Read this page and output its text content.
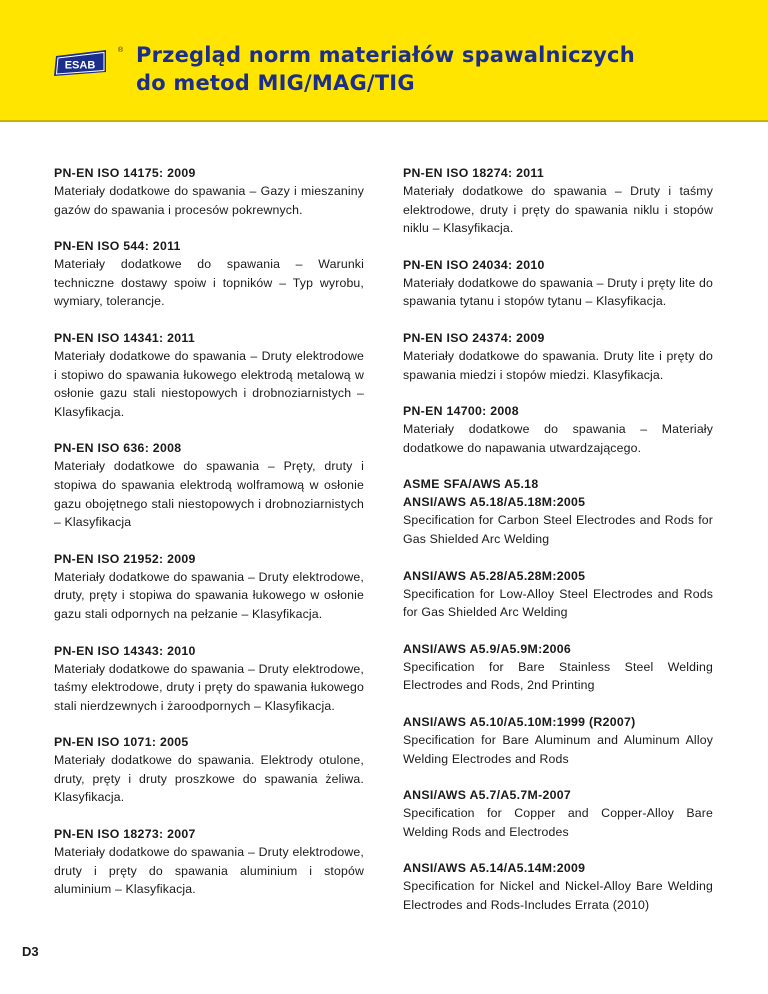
ESAB
® Przegląd norm materiałów spawalniczych
do metod MIG/MAG/TIG
PN-EN ISO 14175: 2009
Materiały dodatkowe do spawania – Gazy i mieszaniny gazów do spawania i procesów pokrewnych.
PN-EN ISO 544: 2011
Materiały dodatkowe do spawania – Warunki techniczne dostawy spoiw i topników – Typ wyrobu, wymiary, tolerancje.
PN-EN ISO 14341: 2011
Materiały dodatkowe do spawania – Druty elektrodowe i stopiwo do spawania łukowego elektrodą metalową w osłonie gazu stali niestopowych i drobnoziarnistych – Klasyfikacja.
PN-EN ISO 636: 2008
Materiały dodatkowe do spawania – Pręty, druty i stopiwa do spawania elektrodą wolframową w osłonie gazu obojętnego stali niestopowych i drobnoziarnistych – Klasyfikacja
PN-EN ISO 21952: 2009
Materiały dodatkowe do spawania – Druty elektrodowe, druty, pręty i stopiwa do spawania łukowego w osłonie gazu stali odpornych na pełzanie – Klasyfikacja.
PN-EN ISO 14343: 2010
Materiały dodatkowe do spawania – Druty elektrodowe, taśmy elektrodowe, druty i pręty do spawania łukowego stali nierdzewnych i żaroodpornych – Klasyfikacja.
PN-EN ISO 1071: 2005
Materiały dodatkowe do spawania. Elektrody otulone, druty, pręty i druty proszkowe do spawania żeliwa. Klasyfikacja.
PN-EN ISO 18273: 2007
Materiały dodatkowe do spawania – Druty elektrodowe, druty i pręty do spawania aluminium i stopów aluminium – Klasyfikacja.
PN-EN ISO 18274: 2011
Materiały dodatkowe do spawania – Druty i taśmy elektrodowe, druty i pręty do spawania niklu i stopów niklu – Klasyfikacja.
PN-EN ISO 24034: 2010
Materiały dodatkowe do spawania – Druty i pręty lite do spawania tytanu i stopów tytanu – Klasyfikacja.
PN-EN ISO 24374: 2009
Materiały dodatkowe do spawania. Druty lite i pręty do spawania miedzi i stopów miedzi. Klasyfikacja.
PN-EN 14700: 2008
Materiały dodatkowe do spawania – Materiały dodatkowe do napawania utwardzającego.
ASME SFA/AWS A5.18
ANSI/AWS A5.18/A5.18M:2005
Specification for Carbon Steel Electrodes and Rods for Gas Shielded Arc Welding
ANSI/AWS A5.28/A5.28M:2005
Specification for Low-Alloy Steel Electrodes and Rods for Gas Shielded Arc Welding
ANSI/AWS A5.9/A5.9M:2006
Specification for Bare Stainless Steel Welding Electrodes and Rods, 2nd Printing
ANSI/AWS A5.10/A5.10M:1999 (R2007)
Specification for Bare Aluminum and Aluminum Alloy Welding Electrodes and Rods
ANSI/AWS A5.7/A5.7M-2007
Specification for Copper and Copper-Alloy Bare Welding Rods and Electrodes
ANSI/AWS A5.14/A5.14M:2009
Specification for Nickel and Nickel-Alloy Bare Welding Electrodes and Rods-Includes Errata (2010)
D3
